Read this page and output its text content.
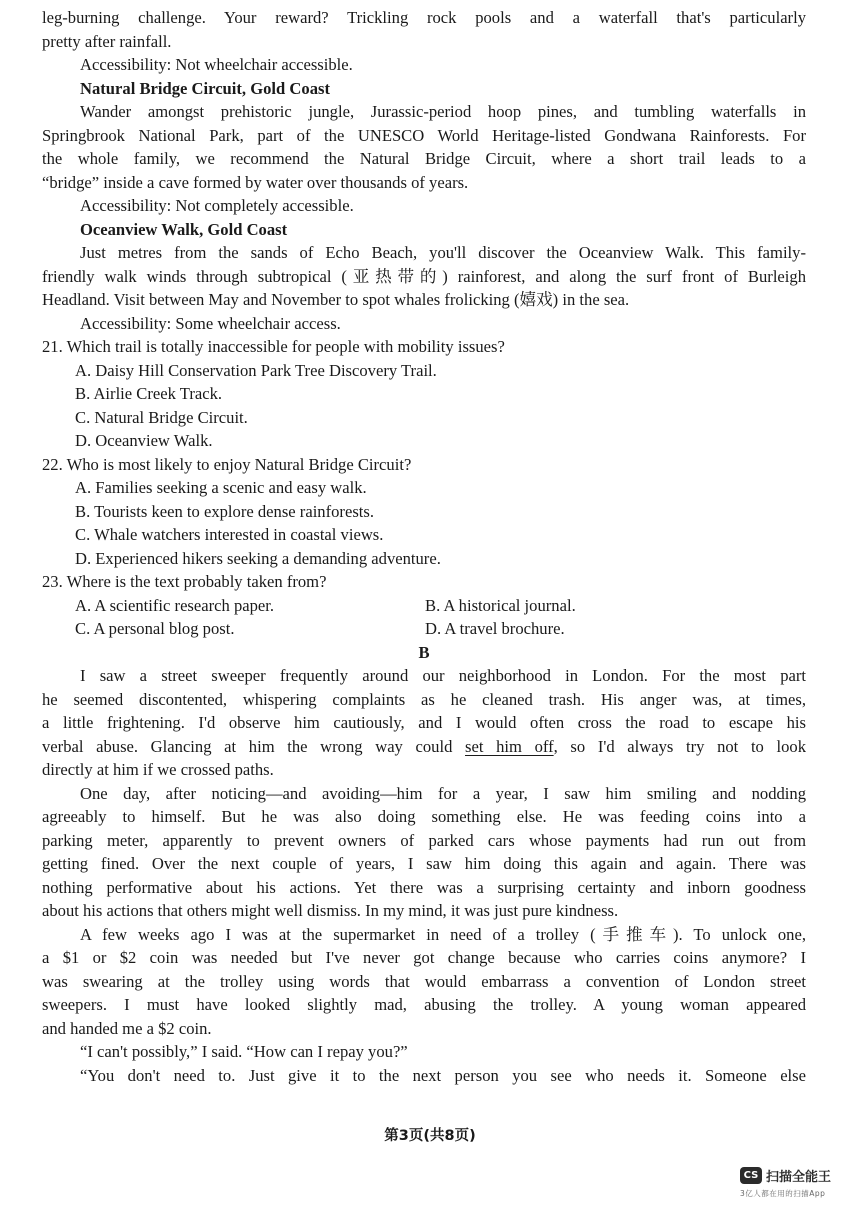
leg-burning challenge. Your reward? Trickling rock pools and a waterfall that's particularly
pretty after rainfall.
Accessibility: Not wheelchair accessible.
Natural Bridge Circuit, Gold Coast
Wander amongst prehistoric jungle, Jurassic-period hoop pines, and tumbling waterfalls in
Springbrook National Park, part of the UNESCO World Heritage-listed Gondwana Rainforests. For
the whole family, we recommend the Natural Bridge Circuit, where a short trail leads to a
“bridge” inside a cave formed by water over thousands of years.
Accessibility: Not completely accessible.
Oceanview Walk, Gold Coast
Just metres from the sands of Echo Beach, you'll discover the Oceanview Walk. This family-
friendly walk winds through subtropical (亚热带的) rainforest, and along the surf front of Burleigh
Headland. Visit between May and November to spot whales frolicking (嬉戏) in the sea.
Accessibility: Some wheelchair access.
21. Which trail is totally inaccessible for people with mobility issues?
A. Daisy Hill Conservation Park Tree Discovery Trail.
B. Airlie Creek Track.
C. Natural Bridge Circuit.
D. Oceanview Walk.
22. Who is most likely to enjoy Natural Bridge Circuit?
A. Families seeking a scenic and easy walk.
B. Tourists keen to explore dense rainforests.
C. Whale watchers interested in coastal views.
D. Experienced hikers seeking a demanding adventure.
23. Where is the text probably taken from?
A. A scientific research paper.	B. A historical journal.
C. A personal blog post.	D. A travel brochure.
B
I saw a street sweeper frequently around our neighborhood in London. For the most part
he seemed discontented, whispering complaints as he cleaned trash. His anger was, at times,
a little frightening. I'd observe him cautiously, and I would often cross the road to escape his
verbal abuse. Glancing at him the wrong way could set him off, so I'd always try not to look
directly at him if we crossed paths.
One day, after noticing—and avoiding—him for a year, I saw him smiling and nodding
agreeably to himself. But he was also doing something else. He was feeding coins into a
parking meter, apparently to prevent owners of parked cars whose payments had run out from
getting fined. Over the next couple of years, I saw him doing this again and again. There was
nothing performative about his actions. Yet there was a surprising certainty and inborn goodness
about his actions that others might well dismiss. In my mind, it was just pure kindness.
A few weeks ago I was at the supermarket in need of a trolley (手推车). To unlock one,
a $1 or $2 coin was needed but I've never got change because who carries coins anymore? I
was swearing at the trolley using words that would embarrass a convention of London street
sweepers. I must have looked slightly mad, abusing the trolley. A young woman appeared
and handed me a $2 coin.
“I can't possibly,” I said. “How can I repay you?”
“You don't need to. Just give it to the next person you see who needs it. Someone else
第3页(共8页)
CS 扫描全能王
3亿人都在用的扫描App
